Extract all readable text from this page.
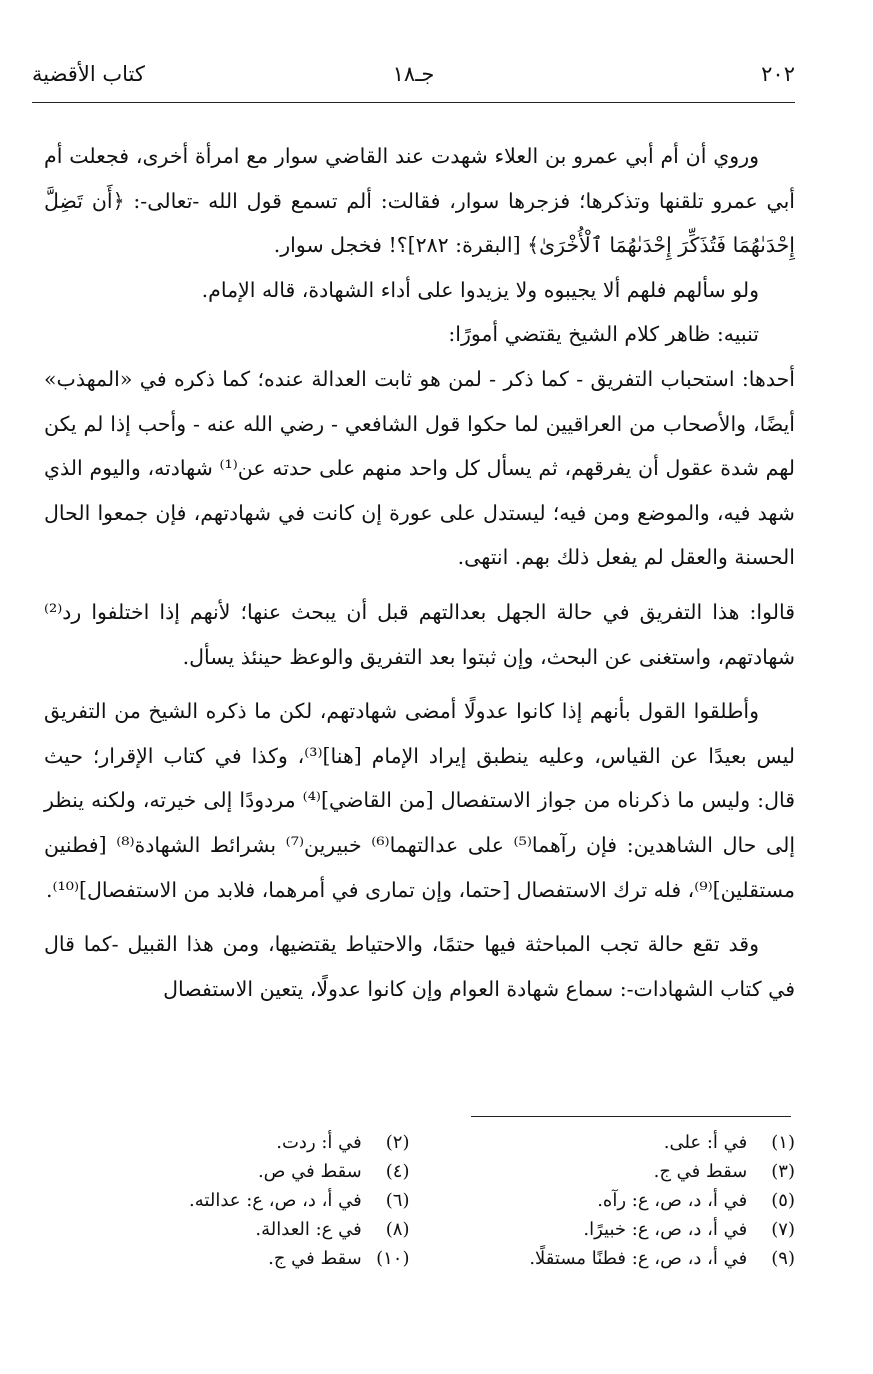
٢٠٢
جـ١٨
كتاب الأقضية

وروي أن أم أبي عمرو بن العلاء شهدت عند القاضي سوار مع امرأة أخرى، فجعلت أم أبي عمرو تلقنها وتذكرها؛ فزجرها سوار، فقالت: ألم تسمع قول الله -تعالى-: ﴿أَن تَضِلَّ إِحْدَىٰهُمَا فَتُذَكِّرَ إِحْدَىٰهُمَا ٱلْأُخْرَىٰ﴾ [البقرة: ٢٨٢]؟! فخجل سوار.

ولو سألهم فلهم ألا يجيبوه ولا يزيدوا على أداء الشهادة، قاله الإمام.

تنبيه: ظاهر كلام الشيخ يقتضي أمورًا:

أحدها: استحباب التفريق - كما ذكر - لمن هو ثابت العدالة عنده؛ كما ذكره في «المهذب» أيضًا، والأصحاب من العراقيين لما حكوا قول الشافعي - رضي الله عنه - وأحب إذا لم يكن لهم شدة عقول أن يفرقهم، ثم يسأل كل واحد منهم على حدته عن⁽¹⁾ شهادته، واليوم الذي شهد فيه، والموضع ومن فيه؛ ليستدل على عورة إن كانت في شهادتهم، فإن جمعوا الحال الحسنة والعقل لم يفعل ذلك بهم. انتهى.

قالوا: هذا التفريق في حالة الجهل بعدالتهم قبل أن يبحث عنها؛ لأنهم إذا اختلفوا رد⁽²⁾ شهادتهم، واستغنى عن البحث، وإن ثبتوا بعد التفريق والوعظ حينئذ يسأل.

وأطلقوا القول بأنهم إذا كانوا عدولًا أمضى شهادتهم، لكن ما ذكره الشيخ من التفريق ليس بعيدًا عن القياس، وعليه ينطبق إيراد الإمام [هنا]⁽³⁾، وكذا في كتاب الإقرار؛ حيث قال: وليس ما ذكرناه من جواز الاستفصال [من القاضي]⁽⁴⁾ مردودًا إلى خيرته، ولكنه ينظر إلى حال الشاهدين: فإن رآهما⁽⁵⁾ على عدالتهما⁽⁶⁾ خبيرين⁽⁷⁾ بشرائط الشهادة⁽⁸⁾ [فطنين مستقلين]⁽⁹⁾، فله ترك الاستفصال [حتما، وإن تمارى في أمرهما، فلابد من الاستفصال]⁽¹⁰⁾.

وقد تقع حالة تجب المباحثة فيها حتمًا، والاحتياط يقتضيها، ومن هذا القبيل -كما قال في كتاب الشهادات-: سماع شهادة العوام وإن كانوا عدولًا، يتعين الاستفصال

(١) في أ: على.
(٢) في أ: ردت.
(٣) سقط في ج.
(٤) سقط في ص.
(٥) في أ، د، ص، ع: رآه.
(٦) في أ، د، ص، ع: عدالته.
(٧) في أ، د، ص، ع: خبيرًا.
(٨) في ع: العدالة.
(٩) في أ، د، ص، ع: فطنًا مستقلًا.
(١٠) سقط في ج.
